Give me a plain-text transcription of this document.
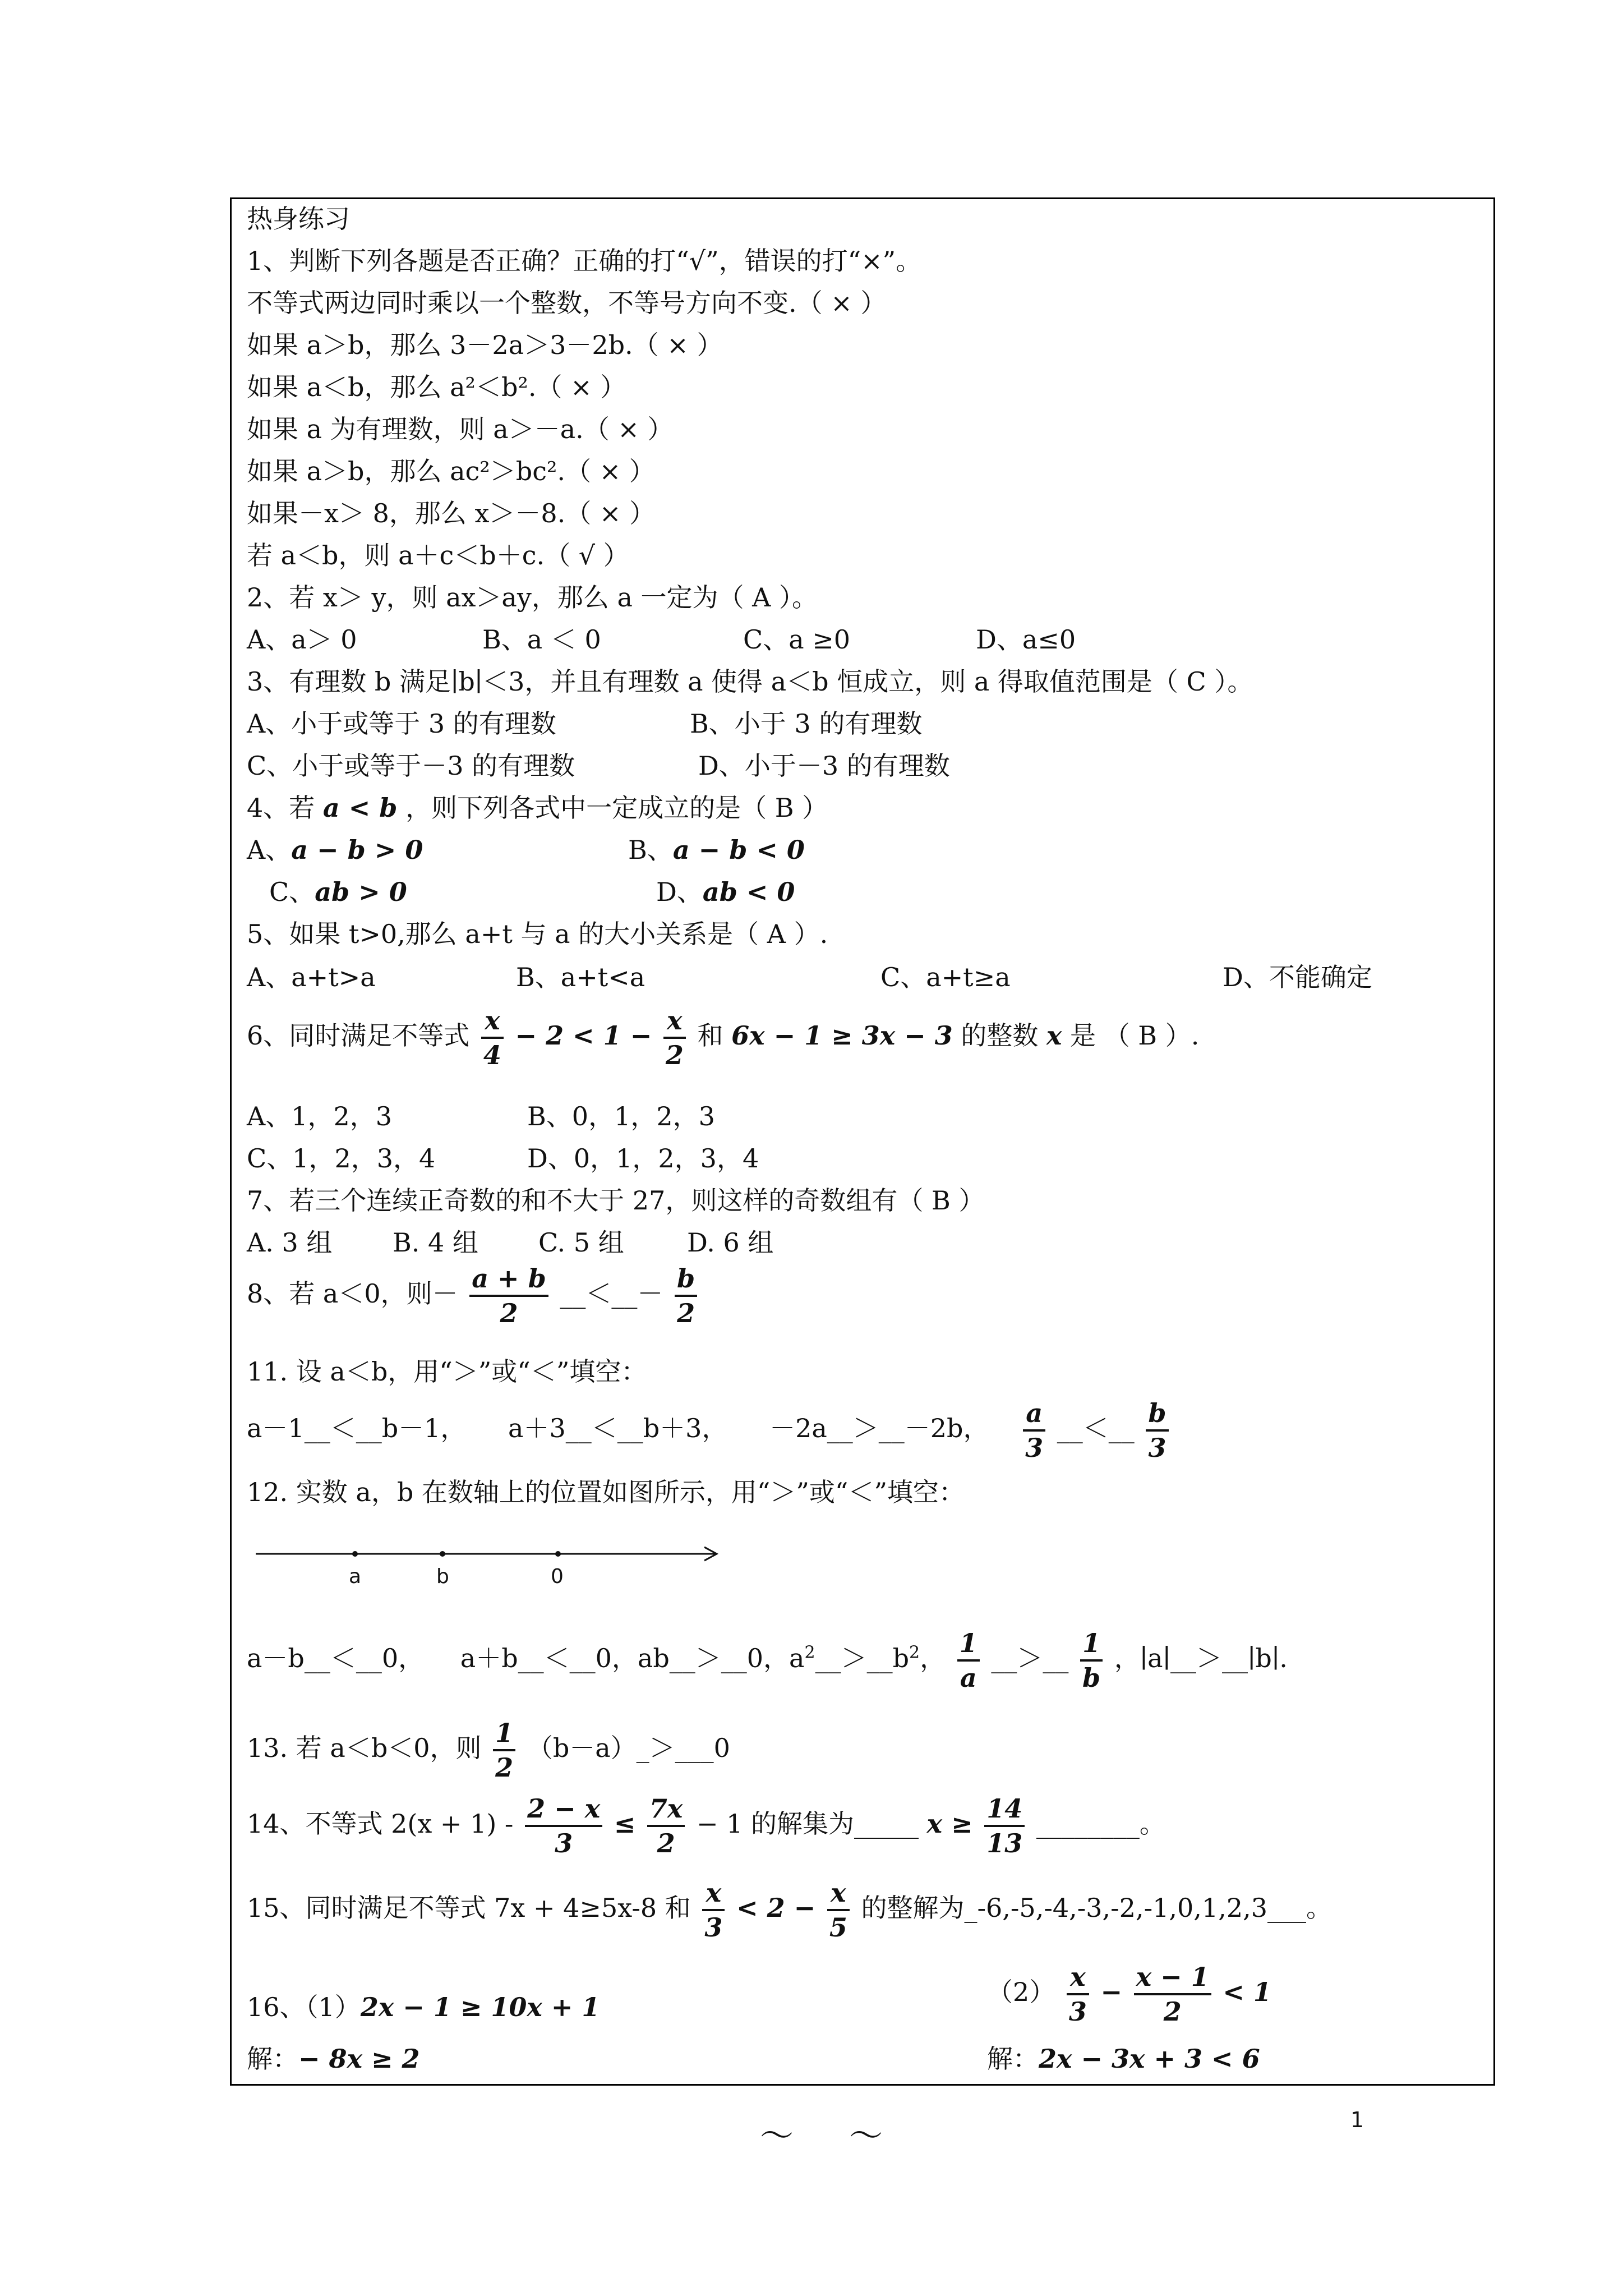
热身练习
1、判断下列各题是否正确？正确的打“√”，错误的打“×”。
不等式两边同时乘以一个整数，不等号方向不变.（ × ）
如果 a＞b，那么 3－2a＞3－2b.（ × ）
如果 a＜b，那么 a²＜b².（ × ）
如果 a 为有理数，则 a＞－a.（ × ）
如果 a＞b，那么 ac²＞bc².（ × ）
如果－x＞ 8，那么 x＞－8.（ × ）
若 a＜b，则 a＋c＜b＋c.（ √ ）
2、若 x＞ y，则 ax＞ay，那么 a 一定为（ A ）。
A、a＞ 0	B、a ＜ 0	C、a ≥0	D、a≤0
3、有理数 b 满足∣b∣＜3，并且有理数 a 使得 a＜b 恒成立，则 a 得取值范围是（ C ）。
A、小于或等于 3 的有理数	B、小于 3 的有理数
C、小于或等于－3 的有理数	D、小于－3 的有理数
4、若 a < b ，则下列各式中一定成立的是（ B ）
A、a − b > 0	B、a − b < 0
C、ab > 0	D、ab < 0
5、如果 t>0,那么 a+t 与 a 的大小关系是（ A ）.
A、a+t>a	B、a+t<a	C、a+t≥a	D、不能确定
6、同时满足不等式 $\frac{x}{4} - 2 < 1 - \frac{x}{2}$ 和 6x − 1 ≥ 3x − 3 的整数 x 是 （ B ）.
A、1，2，3	B、0，1，2，3
C、1，2，3，4	D、0，1，2，3，4
7、若三个连续正奇数的和不大于 27，则这样的奇数组有（ B ）
A. 3 组 B. 4 组 C. 5 组 D. 6 组
8、若 a＜0，则－ $\frac{a + b}{2}$ __＜__－ $\frac{b}{2}$
11. 设 a＜b，用“＞”或“＜”填空：
a－1__＜__b－1， a＋3__＜__b＋3， －2a__＞__－2b， $\frac{a}{3}$ __＜__ $\frac{b}{3}$
12. 实数 a，b 在数轴上的位置如图所示，用“＞”或“＜”填空：
a	b	0
a－b__＜__0， a＋b__＜__0，ab__＞__0，$a^2\_\_>\_\_b^2$， $\frac{1}{a}$ __＞__ $\frac{1}{b}$ ，∣a∣__＞__∣b∣.
13. 若 a＜b＜0，则 $\frac{1}{2}$ （b－a）_＞___0
14、不等式 $2(x + 1) - \frac{2 - x}{3} \le \frac{7x}{2} - 1$ 的解集为_____ $x \ge \frac{14}{13}$ ________。
15、同时满足不等式 7x + 4≥5x-8 和 $\frac{x}{3} < 2 - \frac{x}{5}$ 的整解为_-6,-5,-4,-3,-2,-1,0,1,2,3___。
16、（1）2x − 1 ≥ 10x + 1	$(2) \frac{x}{3} - \frac{x - 1}{2} < 1$
解：− 8x ≥ 2	解：2x − 3x + 3 < 6
～ ～	1
